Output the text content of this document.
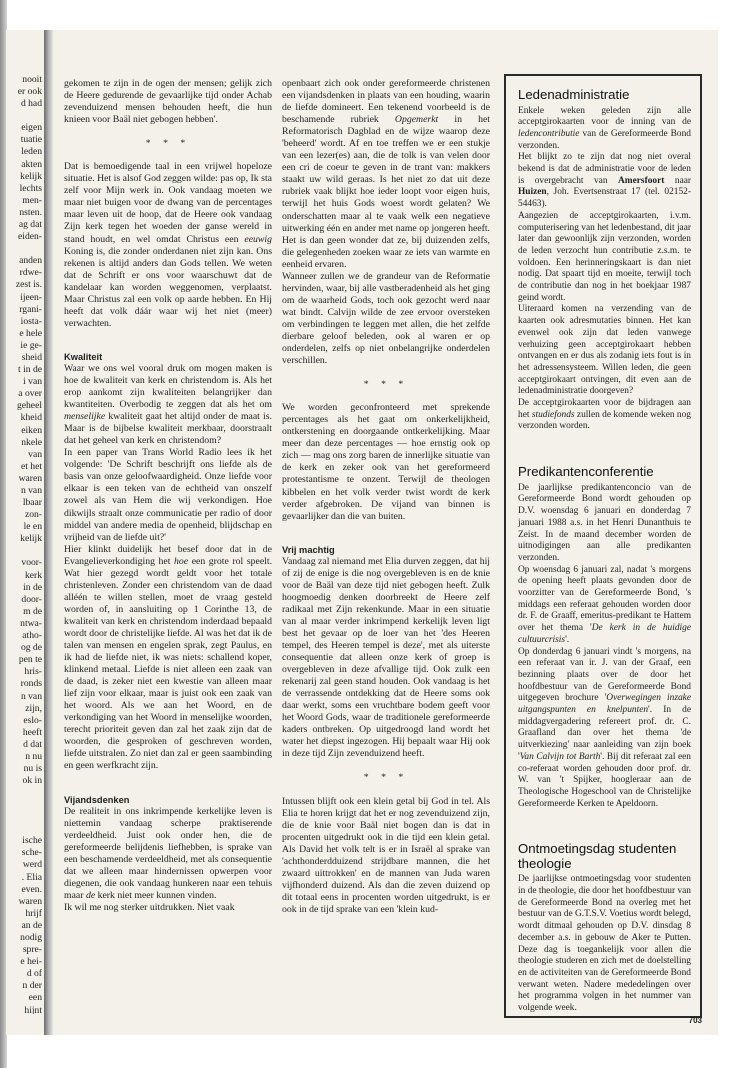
nooit
er ook
d had
eigen
tuatie
leden
akten
kelijk
lechts
men-
nsten.
ag dat
eiden-
anden
rdwe-
zest is.
ijeen-
rgani-
iosta-
e hele
ie ge-
sheid
t in de
i van
a over
geheel
kheid
eiken
nkele
van
et het
waren
n van
lbaar
zon-
le en
kelijk
voor-
kerk
in de
door-
m de
ntwa-
atho-
og de
pen te
hris-
ronds
n van
zijn,
eslo-
heeft
d dat
n nu
nu is
ok in
ische
sche-
werd
. Elia
even.
waren
hrijf
an de
nodig
spre-
e hei-
d of
n der
een
hijnt

gekomen te zijn in de ogen der mensen; gelijk zich de Heere gedurende de gevaarlijke tijd onder Achab zevenduizend mensen behouden heeft, die hun knieen voor Baäl niet gebogen hebben'.

* * *

Dat is bemoedigende taal in een vrijwel hopeloze situatie. Het is alsof God zeggen wilde: pas op, Ik sta zelf voor Mijn werk in. Ook vandaag moeten we maar niet buigen voor de dwang van de percentages maar leven uit de hoop, dat de Heere ook vandaag Zijn kerk tegen het woeden der ganse wereld in stand houdt, en wel omdat Christus een eeuwig Koning is, die zonder onderdanen niet zijn kan. Ons rekenen is altijd anders dan Gods tellen. We weten dat de Schrift er ons voor waarschuwt dat de kandelaar kan worden weggenomen, verplaatst. Maar Christus zal een volk op aarde hebben. En Hij heeft dat volk dáár waar wij het niet (meer) verwachten.

Kwaliteit

Waar we ons wel vooral druk om mogen maken is hoe de kwaliteit van kerk en christendom is. Als het erop aankomt zijn kwaliteiten belangrijker dan kwantiteiten. Overbodig te zeggen dat als het om menselijke kwaliteit gaat het altijd onder de maat is. Maar is de bijbelse kwaliteit merkbaar, doorstraalt dat het geheel van kerk en christendom?

In een paper van Trans World Radio lees ik het volgende: 'De Schrift beschrijft ons liefde als de basis van onze geloofwaardigheid. Onze liefde voor elkaar is een teken van de echtheid van onszelf zowel als van Hem die wij verkondigen. Hoe dikwijls straalt onze communicatie per radio of door middel van andere media de openheid, blijdschap en vrijheid van de liefde uit?'

Hier klinkt duidelijk het besef door dat in de Evangelieverkondiging het hoe een grote rol speelt. Wat hier gezegd wordt geldt voor het totale christenleven. Zonder een christendom van de daad alléén te willen stellen, moet de vraag gesteld worden of, in aansluiting op 1 Corinthe 13, de kwaliteit van kerk en christendom inderdaad bepaald wordt door de christelijke liefde. Al was het dat ik de talen van mensen en engelen sprak, zegt Paulus, en ik had de liefde niet, ik was niets: schallend koper, klinkend metaal. Liefde is niet alleen een zaak van de daad, is zeker niet een kwestie van alleen maar lief zijn voor elkaar, maar is juist ook een zaak van het woord. Als we aan het Woord, en de verkondiging van het Woord in menselijke woorden, terecht prioriteit geven dan zal het zaak zijn dat de woorden, die gesproken of geschreven worden, liefde uitstralen. Zo niet dan zal er geen saambinding en geen werfkracht zijn.

Vijandsdenken

De realiteit in ons inkrimpende kerkelijke leven is niettemin vandaag scherpe praktiserende verdeeldheid. Juist ook onder hen, die de gereformeerde belijdenis liefhebben, is sprake van een beschamende verdeeldheid, met als consequentie dat we alleen maar hindernissen opwerpen voor diegenen, die ook vandaag hunkeren naar een tehuis maar de kerk niet meer kunnen vinden.

Ik wil me nog sterker uitdrukken. Niet vaak

openbaart zich ook onder gereformeerde christenen een vijandsdenken in plaats van een houding, waarin de liefde domineert. Een tekenend voorbeeld is de beschamende rubriek Opgemerkt in het Reformatorisch Dagblad en de wijze waarop deze 'beheerd' wordt. Af en toe treffen we er een stukje van een lezer(es) aan, die de tolk is van velen door een cri de coeur te geven in de trant van: makkers staakt uw wild geraas. Is het niet zo dat uit deze rubriek vaak blijkt hoe ieder loopt voor eigen huis, terwijl het huis Gods woest wordt gelaten? We onderschatten maar al te vaak welk een negatieve uitwerking één en ander met name op jongeren heeft. Het is dan geen wonder dat ze, bij duizenden zelfs, die gelegenheden zoeken waar ze iets van warmte en eenheid ervaren.

Wanneer zullen we de grandeur van de Reformatie hervinden, waar, bij alle vastberadenheid als het ging om de waarheid Gods, toch ook gezocht werd naar wat bindt. Calvijn wilde de zee ervoor oversteken om verbindingen te leggen met allen, die het zelfde dierbare geloof beleden, ook al waren er op onderdelen, zelfs op niet onbelangrijke onderdelen verschillen.

* * *

We worden geconfronteerd met sprekende percentages als het gaat om onkerkelijkheid, ontkerstening en doorgaande ontkerkelijking. Maar meer dan deze percentages — hoe ernstig ook op zich — mag ons zorg baren de innerlijke situatie van de kerk en zeker ook van het gereformeerd protestantisme te onzent. Terwijl de theologen kibbelen en het volk verder twist wordt de kerk verder afgebroken. De vijand van binnen is gevaarlijker dan die van buiten.

Vrij machtig

Vandaag zal niemand met Elia durven zeggen, dat hij of zij de enige is die nog overgebleven is en de knie voor de Baäl van deze tijd niet gebogen heeft. Zulk hoogmoedig denken doorbreekt de Heere zelf radikaal met Zijn rekenkunde. Maar in een situatie van al maar verder inkrimpend kerkelijk leven ligt best het gevaar op de loer van het 'des Heeren tempel, des Heeren tempel is deze', met als uiterste consequentie dat alleen onze kerk of groep is overgebleven in deze afvallige tijd. Ook zulk een rekenarij zal geen stand houden. Ook vandaag is het de verrassende ontdekking dat de Heere soms ook daar werkt, soms een vruchtbare bodem geeft voor het Woord Gods, waar de traditionele gereformeerde kaders ontbreken. Op uitgedroogd land wordt het water het diepst ingezogen. Hij bepaalt waar Hij ook in deze tijd Zijn zevenduizend heeft.

* * *

Intussen blijft ook een klein getal bij God in tel. Als Elia te horen krijgt dat het er nog zevenduizend zijn, die de knie voor Baäl niet bogen dan is dat in procenten uitgedrukt ook in die tijd een klein getal. Als David het volk telt is er in Israël al sprake van 'achthonderdduizend strijdbare mannen, die het zwaard uittrokken' en de mannen van Juda waren vijfhonderd duizend. Als dan die zeven duizend op dit totaal eens in procenten worden uitgedrukt, is er ook in de tijd sprake van een 'klein kud-

Ledenadministratie

Enkele weken geleden zijn alle acceptgirokaarten voor de inning van de ledencontributie van de Gereformeerde Bond verzonden.

Het blijkt zo te zijn dat nog niet overal bekend is dat de administratie voor de leden is overgebracht van Amersfoort naar Huizen, Joh. Evertsenstraat 17 (tel. 02152-54463).

Aangezien de acceptgirokaarten, i.v.m. computerisering van het ledenbestand, dit jaar later dan gewoonlijk zijn verzonden, worden de leden verzocht hun contributie z.s.m. te voldoen. Een herinneringskaart is dan niet nodig. Dat spaart tijd en moeite, terwijl toch de contributie dan nog in het boekjaar 1987 geind wordt.

Uiteraard komen na verzending van de kaarten ook adresmutaties binnen. Het kan evenwel ook zijn dat leden vanwege verhuizing geen acceptgirokaart hebben ontvangen en er dus als zodanig iets fout is in het adressensysteem. Willen leden, die geen acceptgirokaart ontvingen, dit even aan de ledenadministratie doorgeven?

De acceptgirokaarten voor de bijdragen aan het studiefonds zullen de komende weken nog verzonden worden.

Predikantenconferentie

De jaarlijkse predikantenconcio van de Gereformeerde Bond wordt gehouden op D.V. woensdag 6 januari en donderdag 7 januari 1988 a.s. in het Henri Dunanthuis te Zeist. In de maand december worden de uitnodigingen aan alle predikanten verzonden.

Op woensdag 6 januari zal, nadat 's morgens de opening heeft plaats gevonden door de voorzitter van de Gereformeerde Bond, 's middags een referaat gehouden worden door dr. F. de Graaff, emeritus-predikant te Hattem over het thema 'De kerk in de huidige cultuurcrisis'.

Op donderdag 6 januari vindt 's morgens, na een referaat van ir. J. van der Graaf, een bezinning plaats over de door het hoofdbestuur van de Gereformeerde Bond uitgegeven brochure 'Overwegingen inzake uitgangspunten en knelpunten'. In de middagvergadering refereert prof. dr. C. Graafland dan over het thema 'de uitverkiezing' naar aanleiding van zijn boek 'Van Calvijn tot Barth'. Bij dit referaat zal een co-referaat worden gehouden door prof. dr. W. van 't Spijker, hoogleraar aan de Theologische Hogeschool van de Christelijke Gereformeerde Kerken te Apeldoorn.

Ontmoetingsdag studenten theologie

De jaarlijkse ontmoetingsdag voor studenten in de theologie, die door het hoofdbestuur van de Gereformeerde Bond na overleg met het bestuur van de G.T.S.V. Voetius wordt belegd, wordt ditmaal gehouden op D.V. dinsdag 8 december a.s. in gebouw de Aker te Putten. Deze dag is toegankelijk voor allen die theologie studeren en zich met de doelstelling en de activiteiten van de Gereformeerde Bond verwant weten. Nadere mededelingen over het programma volgen in het nummer van volgende week.

703
